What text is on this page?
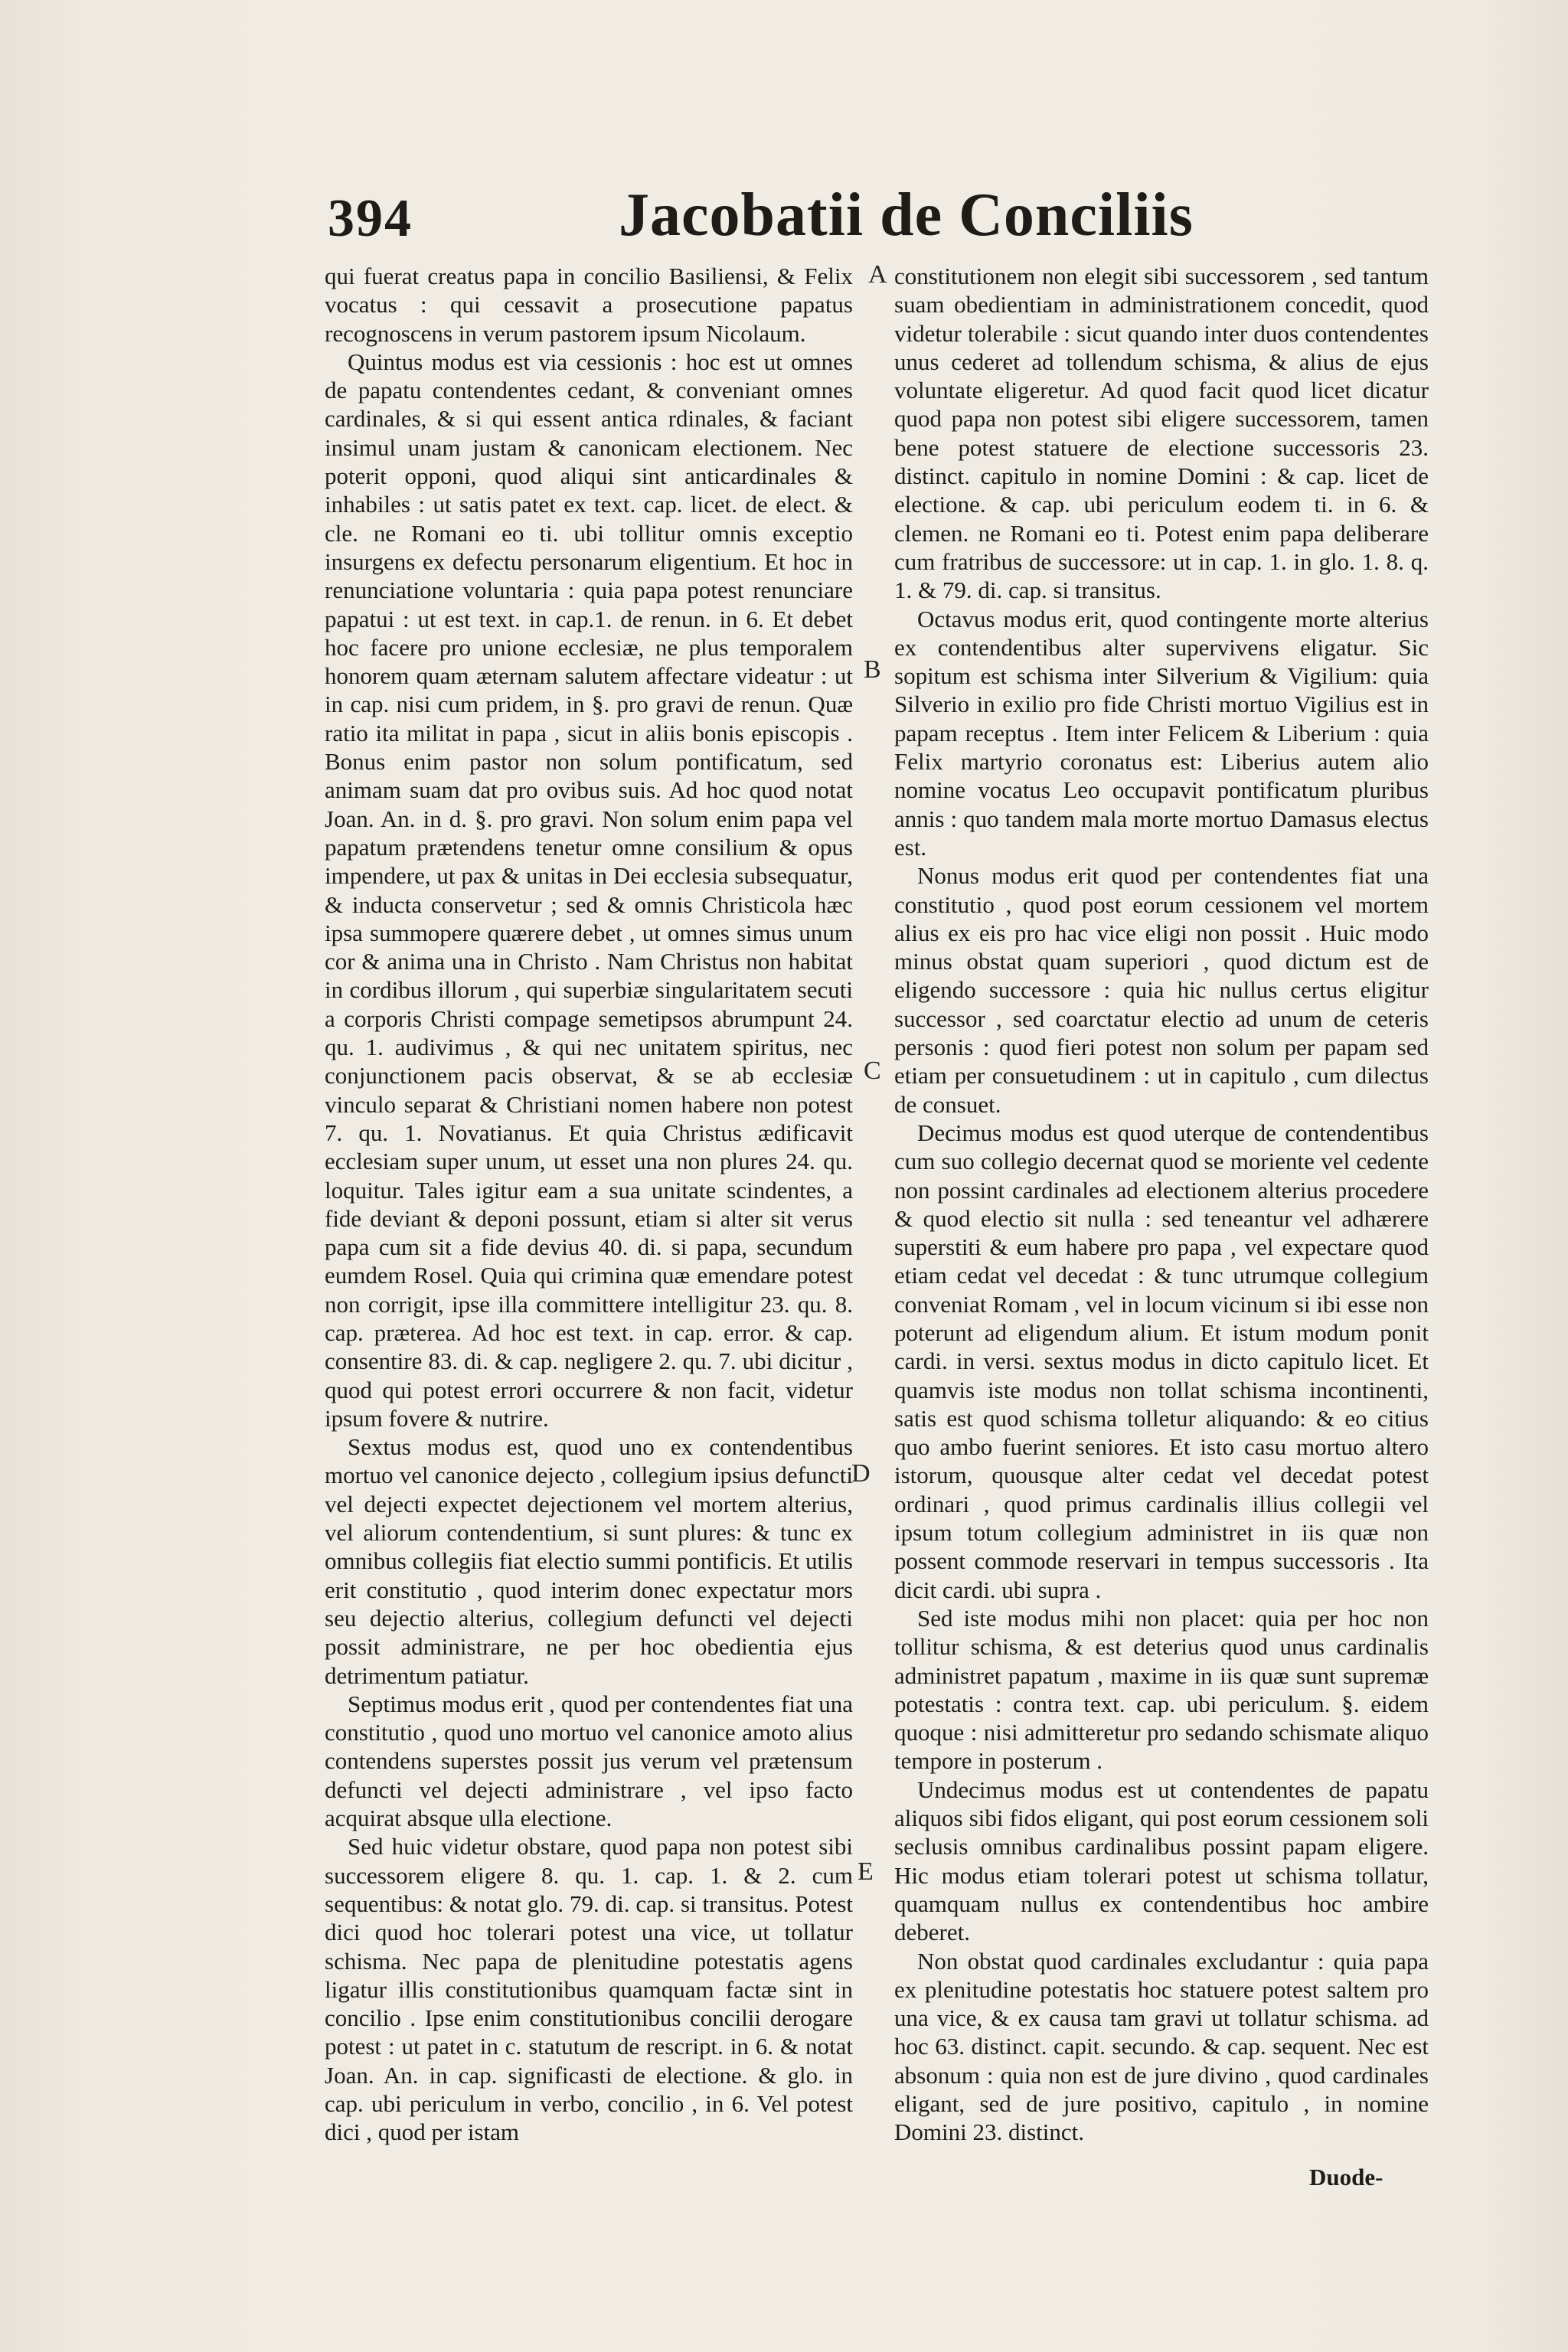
394	Jacobatii de Conciliis

qui fuerat creatus papa in concilio Basiliensi, & Felix vocatus : qui cessavit a prosecutione papatus recognoscens in verum pastorem ipsum Nicolaum.

Quintus modus est via cessionis : hoc est ut omnes de papatu contendentes cedant, & conveniant omnes cardinales, & si qui essent antica rdinales, & faciant insimul unam justam & canonicam electionem. Nec poterit opponi, quod aliqui sint anticardinales & inhabiles : ut satis patet ex text. cap. licet. de elect. & cle. ne Romani eo ti. ubi tollitur omnis exceptio insurgens ex defectu personarum eligentium. Et hoc in renunciatione voluntaria : quia papa potest renunciare papatui : ut est text. in cap.1. de renun. in 6. Et debet hoc facere pro unione ecclesiæ, ne plus temporalem honorem quam æternam salutem affectare videatur : ut in cap. nisi cum pridem, in §. pro gravi de renun. Quæ ratio ita militat in papa , sicut in aliis bonis episcopis . Bonus enim pastor non solum pontificatum, sed animam suam dat pro ovibus suis. Ad hoc quod notat Joan. An. in d. §. pro gravi. Non solum enim papa vel papatum prætendens tenetur omne consilium & opus impendere, ut pax & unitas in Dei ecclesia subsequatur, & inducta conservetur ; sed & omnis Christicola hæc ipsa summopere quærere debet , ut omnes simus unum cor & anima una in Christo . Nam Christus non habitat in cordibus illorum , qui superbiæ singularitatem secuti a corporis Christi compage semetipsos abrumpunt 24. qu. 1. audivimus , & qui nec unitatem spiritus, nec conjunctionem pacis observat, & se ab ecclesiæ vinculo separat & Christiani nomen habere non potest 7. qu. 1. Novatianus. Et quia Christus ædificavit ecclesiam super unum, ut esset una non plures 24. qu. loquitur. Tales igitur eam a sua unitate scindentes, a fide deviant & deponi possunt, etiam si alter sit verus papa cum sit a fide devius 40. di. si papa, secundum eumdem Rosel. Quia qui crimina quæ emendare potest non corrigit, ipse illa committere intelligitur 23. qu. 8. cap. præterea. Ad hoc est text. in cap. error. & cap. consentire 83. di. & cap. negligere 2. qu. 7. ubi dicitur , quod qui potest errori occurrere & non facit, videtur ipsum fovere & nutrire.

Sextus modus est, quod uno ex contendentibus mortuo vel canonice dejecto , collegium ipsius defuncti vel dejecti expectet dejectionem vel mortem alterius, vel aliorum contendentium, si sunt plures: & tunc ex omnibus collegiis fiat electio summi pontificis. Et utilis erit constitutio , quod interim donec expectatur mors seu dejectio alterius, collegium defuncti vel dejecti possit administrare, ne per hoc obedientia ejus detrimentum patiatur.

Septimus modus erit , quod per contendentes fiat una constitutio , quod uno mortuo vel canonice amoto alius contendens superstes possit jus verum vel prætensum defuncti vel dejecti administrare , vel ipso facto acquirat absque ulla electione.

Sed huic videtur obstare, quod papa non potest sibi successorem eligere 8. qu. 1. cap. 1. & 2. cum sequentibus: & notat glo. 79. di. cap. si transitus. Potest dici quod hoc tolerari potest una vice, ut tollatur schisma. Nec papa de plenitudine potestatis agens ligatur illis constitutionibus quamquam factæ sint in concilio . Ipse enim constitutionibus concilii derogare potest : ut patet in c. statutum de rescript. in 6. & notat Joan. An. in cap. significasti de electione. & glo. in cap. ubi periculum in verbo, concilio , in 6. Vel potest dici , quod per istam

A
B
C
D
E

constitutionem non elegit sibi successorem , sed tantum suam obedientiam in administrationem concedit, quod videtur tolerabile : sicut quando inter duos contendentes unus cederet ad tollendum schisma, & alius de ejus voluntate eligeretur. Ad quod facit quod licet dicatur quod papa non potest sibi eligere successorem, tamen bene potest statuere de electione successoris 23. distinct. capitulo in nomine Domini : & cap. licet de electione. & cap. ubi periculum eodem ti. in 6. & clemen. ne Romani eo ti. Potest enim papa deliberare cum fratribus de successore: ut in cap. 1. in glo. 1. 8. q. 1. & 79. di. cap. si transitus.

Octavus modus erit, quod contingente morte alterius ex contendentibus alter supervivens eligatur. Sic sopitum est schisma inter Silverium & Vigilium: quia Silverio in exilio pro fide Christi mortuo Vigilius est in papam receptus . Item inter Felicem & Liberium : quia Felix martyrio coronatus est: Liberius autem alio nomine vocatus Leo occupavit pontificatum pluribus annis : quo tandem mala morte mortuo Damasus electus est.

Nonus modus erit quod per contendentes fiat una constitutio , quod post eorum cessionem vel mortem alius ex eis pro hac vice eligi non possit . Huic modo minus obstat quam superiori , quod dictum est de eligendo successore : quia hic nullus certus eligitur successor , sed coarctatur electio ad unum de ceteris personis : quod fieri potest non solum per papam sed etiam per consuetudinem : ut in capitulo , cum dilectus de consuet.

Decimus modus est quod uterque de contendentibus cum suo collegio decernat quod se moriente vel cedente non possint cardinales ad electionem alterius procedere & quod electio sit nulla : sed teneantur vel adhærere superstiti & eum habere pro papa , vel expectare quod etiam cedat vel decedat : & tunc utrumque collegium conveniat Romam , vel in locum vicinum si ibi esse non poterunt ad eligendum alium. Et istum modum ponit cardi. in versi. sextus modus in dicto capitulo licet. Et quamvis iste modus non tollat schisma incontinenti, satis est quod schisma tolletur aliquando: & eo citius quo ambo fuerint seniores. Et isto casu mortuo altero istorum, quousque alter cedat vel decedat potest ordinari , quod primus cardinalis illius collegii vel ipsum totum collegium administret in iis quæ non possent commode reservari in tempus successoris . Ita dicit cardi. ubi supra .

Sed iste modus mihi non placet: quia per hoc non tollitur schisma, & est deterius quod unus cardinalis administret papatum , maxime in iis quæ sunt supremæ potestatis : contra text. cap. ubi periculum. §. eidem quoque : nisi admitteretur pro sedando schismate aliquo tempore in posterum .

Undecimus modus est ut contendentes de papatu aliquos sibi fidos eligant, qui post eorum cessionem soli seclusis omnibus cardinalibus possint papam eligere. Hic modus etiam tolerari potest ut schisma tollatur, quamquam nullus ex contendentibus hoc ambire deberet.

Non obstat quod cardinales excludantur : quia papa ex plenitudine potestatis hoc statuere potest saltem pro una vice, & ex causa tam gravi ut tollatur schisma. ad hoc 63. distinct. capit. secundo. & cap. sequent. Nec est absonum : quia non est de jure divino , quod cardinales eligant, sed de jure positivo, capitulo , in nomine Domini 23. distinct.

Duode-
